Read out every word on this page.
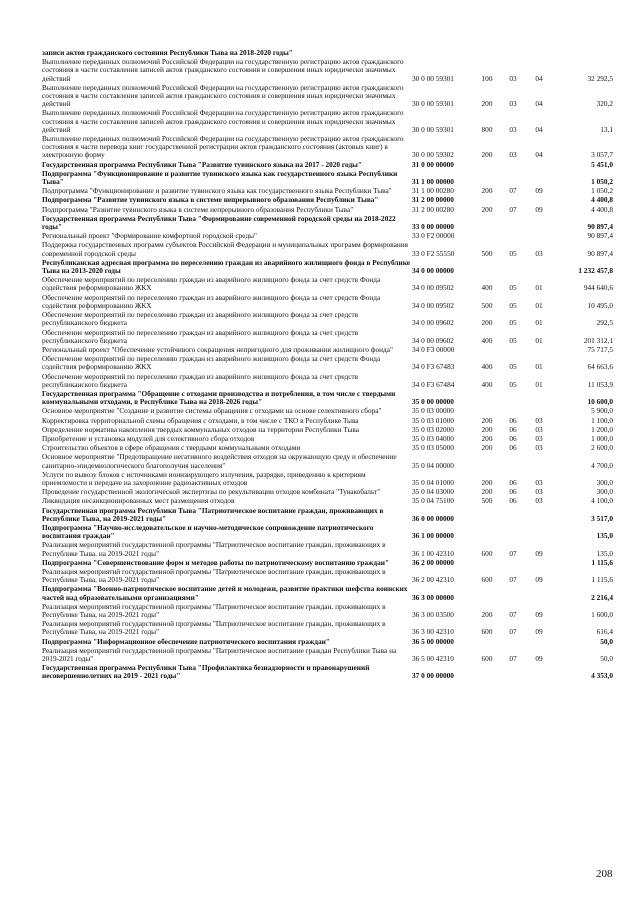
записи актов гражданского состояния Республики Тыва на 2018-2020 годы"					
Выполнение переданных полномочий Российской Федерации на государственную регистрацию актов гражданского состояния в части составления записей актов гражданского состояния и совершения иных юридически значимых действий	30 0 00 59301	100	03	04	32 292,5
Выполнение переданных полномочий Российской Федерации на государственную регистрацию актов гражданского состояния в части составления записей актов гражданского состояния и совершения иных юридически значимых действий	30 0 00 59301	200	03	04	320,2
Выполнение переданных полномочий Российской Федерации на государственную регистрацию актов гражданского состояния в части составления записей актов гражданского состояния и совершения иных юридически значимых действий	30 0 00 59301	800	03	04	13,1
Выполнение переданных полномочий Российской Федерации на государственную регистрацию актов гражданского состояния в части перевода книг государственной регистрации актов гражданского состояния (актовых книг) в электронную форму	30 0 00 59302	200	03	04	3 057,7
Государственная программа Республики Тыва "Развитие тувинского языка на 2017 - 2020 годы"	31 0 00 00000				5 451,0
Подпрограмма "Функционирование и развитие тувинского языка как государственного языка Республики Тыва"	31 1 00 00000				1 050,2
Подпрограмма "Функционирование и развитие тувинского языка как государственного языка Республики Тыва"	31 1 00 00280	200	07	09	1 050,2
Подпрограмма "Развитие тувинского языка в системе непрерывного образования Республики Тыва"	31 2 00 00000				4 400,8
Подпрограмма "Развитие тувинского языка в системе непрерывного образования Республики Тыва"	31 2 00 00280	200	07	09	4 400,8
Государственная программа Республики Тыва "Формирование современной городской среды на 2018-2022 годы"	33 0 00 00000				90 897,4
Региональный проект "Формирование комфортной городской среды"	33 0 F2 00000				90 897,4
Поддержка государственных программ субъектов Российской Федерации и муниципальных программ формирования современной городской среды	33 0 F2 55550	500	05	03	90 897,4
Республиканская адресная программа по переселению граждан из аварийного жилищного фонда в Республике Тыва на 2013-2020 годы	34 0 00 00000				1 232 457,8
Обеспечение мероприятий по переселению граждан из аварийного жилищного фонда за счет средств Фонда содействия реформированию ЖКХ	34 0 00 09502	400	05	01	944 640,6
Обеспечение мероприятий по переселению граждан из аварийного жилищного фонда за счет средств Фонда содействия реформированию ЖКХ	34 0 00 09502	500	05	01	10 495,0
Обеспечение мероприятий по переселению граждан из аварийного жилищного фонда за счет средств республиканского бюджета	34 0 00 09602	200	05	01	292,5
Обеспечение мероприятий по переселению граждан из аварийного жилищного фонда за счет средств республиканского бюджета	34 0 00 09602	400	05	01	201 312,1
Региональный проект "Обеспечение устойчивого сокращения непригодного для проживания жилищного фонда"	34 0 F3 00000				75 717,5
Обеспечение мероприятий по переселению граждан из аварийного жилищного фонда за счет средств Фонда содействия реформированию ЖКХ	34 0 F3 67483	400	05	01	64 663,6
Обеспечение мероприятий по переселению граждан из аварийного жилищного фонда за счет средств республиканского бюджета	34 0 F3 67484	400	05	01	11 053,9
Государственная программа "Обращение с отходами производства и потребления, в том числе с твердыми коммунальными отходами, в Республике Тыва на 2018-2026 годы"	35 0 00 00000				10 600,0
Основное мероприятие "Создание и развитие системы обращения с отходами на основе селективного сбора"	35 0 03 00000				5 900,0
Корректировка территориальной схемы обращения с отходами, в том числе с ТКО в Республике Тыва	35 0 03 01000	200	06	03	1 100,0
Определение норматива накопления твердых коммунальных отходов на территории Республики Тыва	35 0 03 02000	200	06	03	1 200,0
Приобретение и установка модулей для селективного сбора отходов	35 0 03 04000	200	06	03	1 000,0
Строительство объектов в сфере обращения с твердыми коммунальными отходами	35 0 03 05000	200	06	03	2 600,0
Основное мероприятие "Предотвращение негативного воздействия отходов на окружающую среду и обеспечение санитарно-эпидемиологического благополучия населения"	35 0 04 00000				4 700,0
Услуги по вывозу блоков с источниками ионизирующего излучения, разрядке, приведению к критериям приемлемости и передаче на захоронение радиоактивных отходов	35 0 04 01000	200	06	03	300,0
Проведение государственной экологической экспертизы по рекультивации отходов комбината "Тувакобальт"	35 0 04 03000	200	06	03	300,0
Ликвидация несанкционированных мест размещения отходов	35 0 04 75100	500	06	03	4 100,0
Государственная программа Республики Тыва "Патриотическое воспитание граждан, проживающих в Республике Тыва, на 2019-2021 годы"	36 0 00 00000				3 517,0
Подпрограмма "Научно-исследовательское и научно-методическое сопровождение патриотического воспитания граждан"	36 1 00 00000				135,0
Реализация мероприятий государственной программы "Патриотическое воспитание граждан, проживающих в Республике Тыва, на 2019-2021 годы"	36 1 00 42310	600	07	09	135,0
Подпрограмма "Совершенствование форм и методов работы по патриотическому воспитанию граждан"	36 2 00 00000				1 115,6
Реализация мероприятий государственной программы "Патриотическое воспитание граждан, проживающих в Республике Тыва, на 2019-2021 годы"	36 2 00 42310	600	07	09	1 115,6
Подпрограмма "Военно-патриотическое воспитание детей и молодежи, развитие практики шефства воинских частей над образовательными организациями"	36 3 00 00000				2 216,4
Реализация мероприятий государственной программы "Патриотическое воспитание граждан, проживающих в Республике Тыва, на 2019-2021 годы"	36 3 00 03500	200	07	09	1 600,0
Реализация мероприятий государственной программы "Патриотическое воспитание граждан, проживающих в Республике Тыва, на 2019-2021 годы"	36 3 00 42310	600	07	09	616,4
Подпрограмма "Информационное обеспечение патриотического воспитания граждан"	36 5 00 00000				50,0
Реализация мероприятий государственной программы "Патриотическое воспитание граждан Республики Тыва на 2019-2021 годы"	36 5 00 42310	600	07	09	50,0
Государственная программа Республики Тыва "Профилактика безнадзорности и правонарушений несовершеннолетних на 2019 - 2021 годы"	37 0 00 00000				4 353,0
208
